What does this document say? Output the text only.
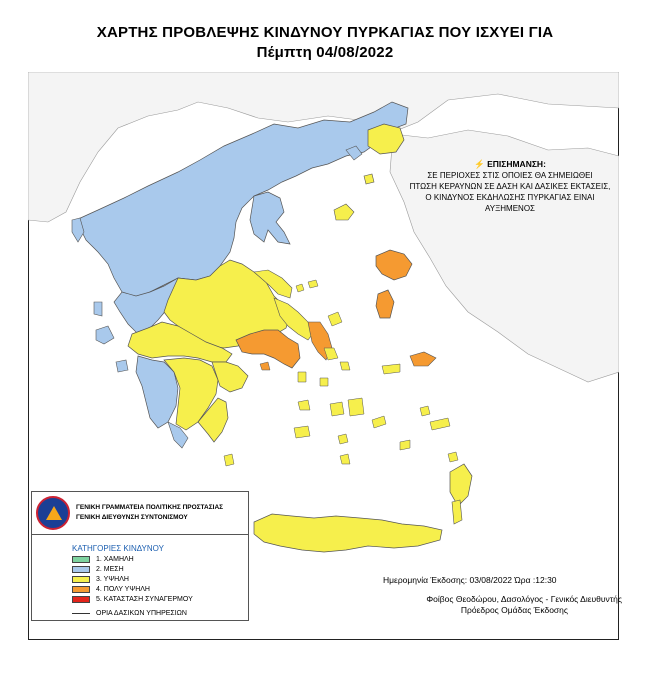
ΧΑΡΤΗΣ ΠΡΟΒΛΕΨΗΣ ΚΙΝΔΥΝΟΥ ΠΥΡΚΑΓΙΑΣ ΠΟΥ ΙΣΧΥΕΙ ΓΙΑ
Πέμπτη 04/08/2022
⚡ ΕΠΙΣΗΜΑΝΣΗ:
ΣΕ ΠΕΡΙΟΧΕΣ ΣΤΙΣ ΟΠΟΙΕΣ ΘΑ ΣΗΜΕΙΩΘΕΙ
ΠΤΩΣΗ ΚΕΡΑΥΝΩΝ ΣΕ ΔΑΣΗ ΚΑΙ ΔΑΣΙΚΕΣ ΕΚΤΑΣΕΙΣ,
Ο ΚΙΝΔΥΝΟΣ ΕΚΔΗΛΩΣΗΣ ΠΥΡΚΑΓΙΑΣ ΕΙΝΑΙ ΑΥΞΗΜΕΝΟΣ
ΓΕΝΙΚΗ ΓΡΑΜΜΑΤΕΙΑ ΠΟΛΙΤΙΚΗΣ ΠΡΟΣΤΑΣΙΑΣ
ΓΕΝΙΚΗ ΔΙΕΥΘΥΝΣΗ ΣΥΝΤΟΝΙΣΜΟΥ
ΚΑΤΗΓΟΡΙΕΣ ΚΙΝΔΥΝΟΥ
1. ΧΑΜΗΛΗ
2. ΜΕΣΗ
3. ΥΨΗΛΗ
4. ΠΟΛΥ ΥΨΗΛΗ
5. ΚΑΤΑΣΤΑΣΗ ΣΥΝΑΓΕΡΜΟΥ
ΟΡΙΑ ΔΑΣΙΚΩΝ ΥΠΗΡΕΣΙΩΝ
Ημερομηνία Έκδοσης: 03/08/2022 Ώρα :12:30
Φοίβος Θεοδώρου, Δασολόγος - Γενικός Διευθυντής
Πρόεδρος Ομάδας Έκδοσης
